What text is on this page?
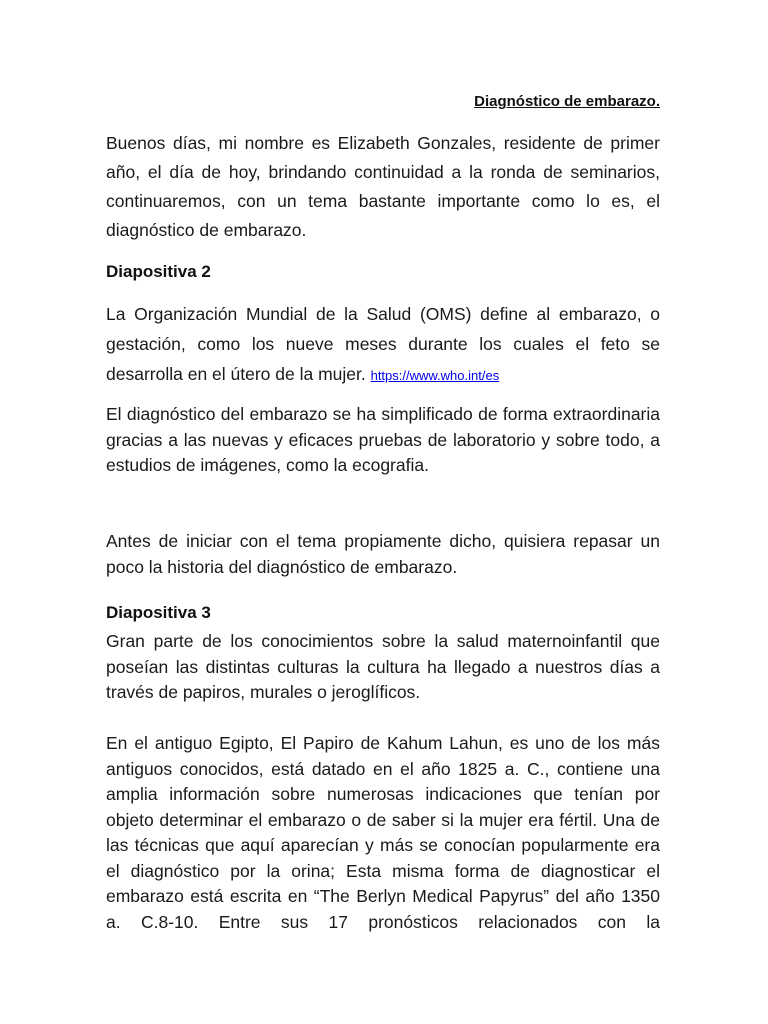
Diagnóstico de embarazo.

Buenos días, mi nombre es Elizabeth Gonzales, residente de primer año, el día de hoy, brindando continuidad a la ronda de seminarios, continuaremos, con un tema bastante importante como lo es, el diagnóstico de embarazo.

Diapositiva 2

La Organización Mundial de la Salud (OMS) define al embarazo, o gestación, como los nueve meses durante los cuales el feto se desarrolla en el útero de la mujer. https://www.who.int/es

El diagnóstico del embarazo se ha simplificado de forma extraordinaria gracias a las nuevas y eficaces pruebas de laboratorio y sobre todo, a estudios de imágenes, como la ecografia.

Antes de iniciar con el tema propiamente dicho, quisiera repasar un poco la historia del diagnóstico de embarazo.

Diapositiva 3

Gran parte de los conocimientos sobre la salud maternoinfantil que poseían las distintas culturas la cultura ha llegado a nuestros días a través de papiros, murales o jeroglíficos.

En el antiguo Egipto, El Papiro de Kahum Lahun, es uno de los más antiguos conocidos, está datado en el año 1825 a. C., contiene una amplia información sobre numerosas indicaciones que tenían por objeto determinar el embarazo o de saber si la mujer era fértil. Una de las técnicas que aquí aparecían y más se conocían popularmente era el diagnóstico por la orina; Esta misma forma de diagnosticar el embarazo está escrita en “The Berlyn Medical Papyrus” del año 1350 a. C.8-10. Entre sus 17 pronósticos relacionados con la
